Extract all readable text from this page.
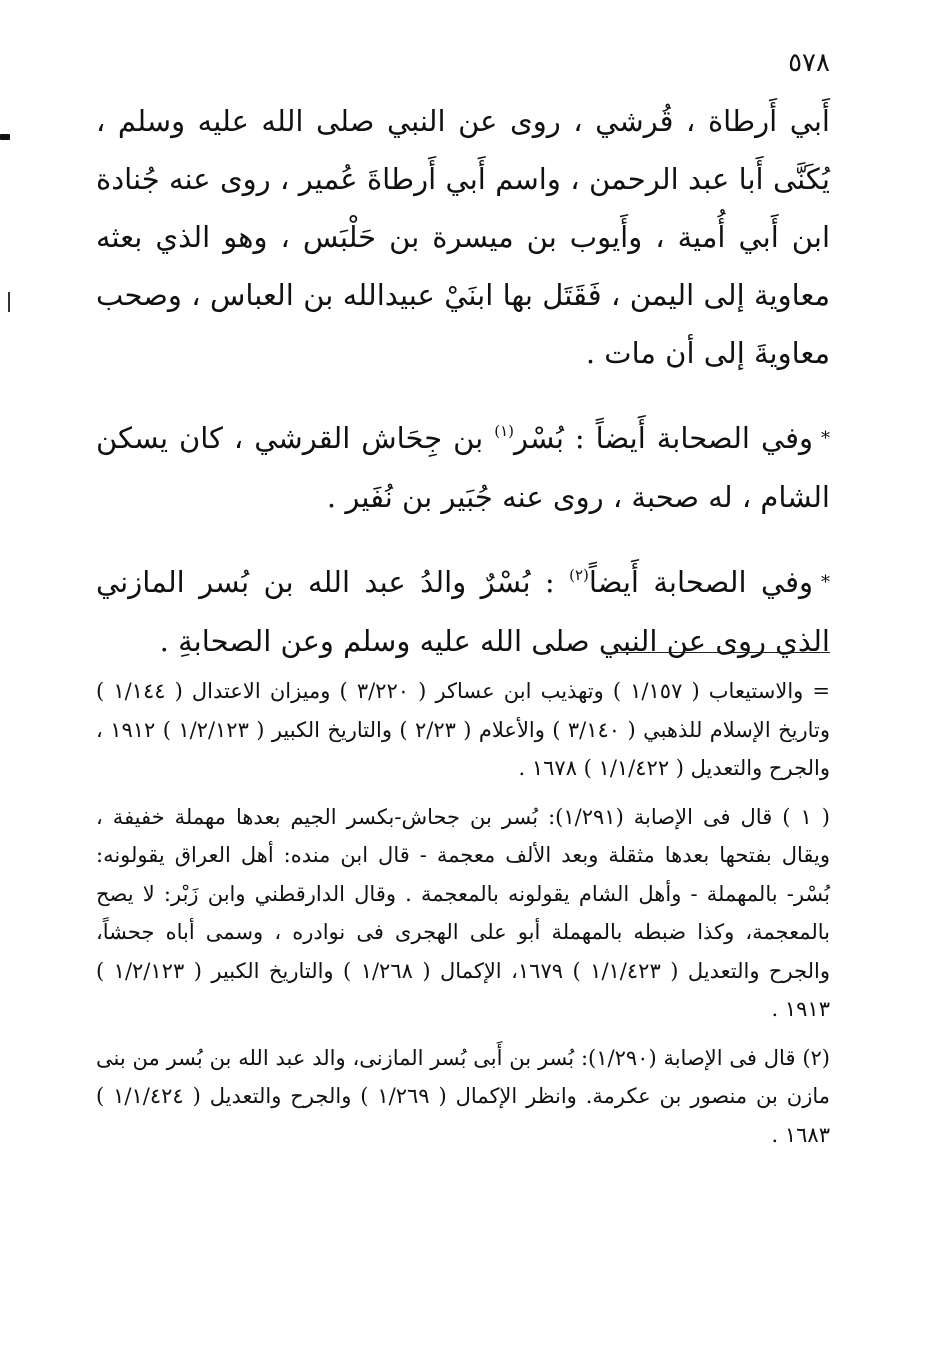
٥٧٨

أَبي أَرطاة ، قُرشي ، روى عن النبي صلى الله عليه وسلم ، يُكَنَّى أَبا عبد الرحمن ، واسم أَبي أَرطاةَ عُمير ، روى عنه جُنادة ابن أَبي أُمية ، وأَيوب بن ميسرة بن حَلْبَس ، وهو الذي بعثه معاوية إلى اليمن ، فَقَتَل بها ابنَيْ عبيدالله بن العباس ، وصحب معاويةَ إلى أن مات .

*وفي الصحابة أَيضاً : بُسْر$^{(١)}$ بن جِحَاش القرشي ، كان يسكن الشام ، له صحبة ، روى عنه جُبَير بن نُفَير .

*وفي الصحابة أَيضاً$^{(٢)}$ : بُسْرٌ والدُ عبد الله بن بُسر المازني الذي روى عن النبي صلى الله عليه وسلم وعن الصحابةِ .

= والاستيعاب ( ١/١٥٧ ) وتهذيب ابن عساكر ( ٣/٢٢٠ ) وميزان الاعتدال ( ١/١٤٤ ) وتاريخ الإسلام للذهبي ( ٣/١٤٠ ) والأعلام ( ٢/٢٣ ) والتاريخ الكبير ( ١/٢/١٢٣ ) ١٩١٢ ، والجرح والتعديل ( ١/١/٤٢٢ ) ١٦٧٨ .

( ١ ) قال فى الإصابة (١/٢٩١): بُسر بن جحاش-بكسر الجيم بعدها مهملة خفيفة ، ويقال بفتحها بعدها مثقلة وبعد الألف معجمة - قال ابن منده: أهل العراق يقولونه: بُسْر- بالمهملة - وأهل الشام يقولونه بالمعجمة . وقال الدارقطني وابن زَبْر: لا يصح بالمعجمة، وكذا ضبطه بالمهملة أبو على الهجرى فى نوادره ، وسمى أباه جحشاً، والجرح والتعديل ( ١/١/٤٢٣ ) ١٦٧٩، الإكمال ( ١/٢٦٨ ) والتاريخ الكبير ( ١/٢/١٢٣ ) ١٩١٣ .

(٢) قال فى الإصابة (١/٢٩٠): بُسر بن أَبى بُسر المازنى، والد عبد الله بن بُسر من بنى مازن بن منصور بن عكرمة. وانظر الإكمال ( ١/٢٦٩ ) والجرح والتعديل ( ١/١/٤٢٤ ) ١٦٨٣ .
